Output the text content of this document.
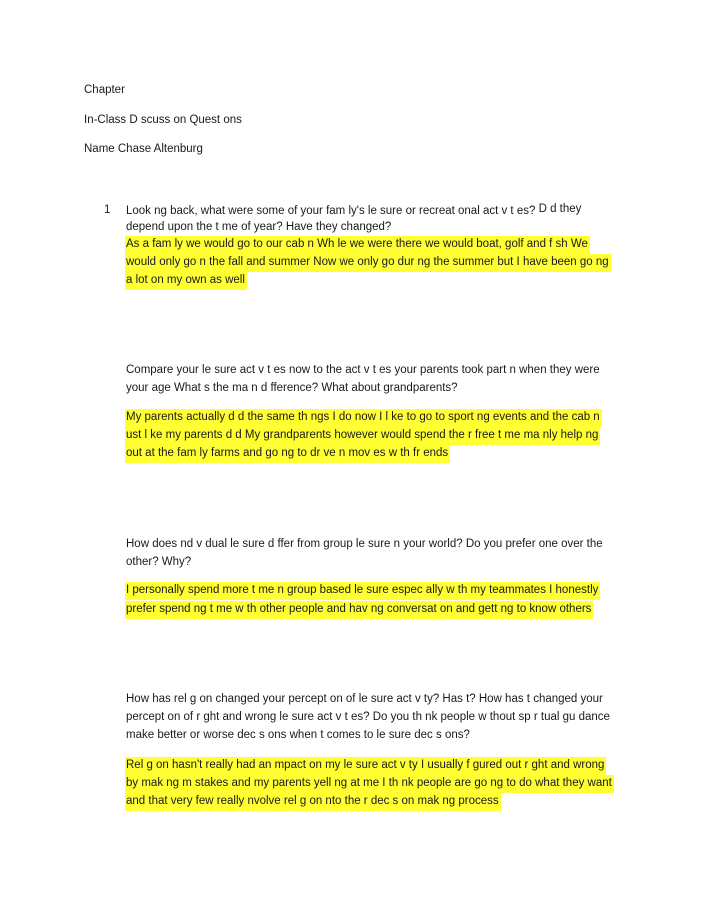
Chapter
In-Class D scuss on Quest ons
Name Chase Altenburg
1 Look ng back, what were some of your fam ly's le sure or recreat onal act v t es? D d they
depend upon the t me of year? Have they changed?
As a fam ly we would go to our cab n Wh le we were there we would boat, golf and f sh We
would only go n the fall and summer Now we only go dur ng the summer but I have been go ng
a lot on my own as well
Compare your le sure act v t es now to the act v t es your parents took part n when they were
your age What s the ma n d fference? What about grandparents?
My parents actually d d the same th ngs I do now I l ke to go to sport ng events and the cab n
ust l ke my parents d d My grandparents however would spend the r free t me ma nly help ng
out at the fam ly farms and go ng to dr ve n mov es w th fr ends
How does nd v dual le sure d ffer from group le sure n your world? Do you prefer one over the
other? Why?
I personally spend more t me n group based le sure espec ally w th my teammates I honestly
prefer spend ng t me w th other people and hav ng conversat on and gett ng to know others
How has rel g on changed your percept on of le sure act v ty? Has t? How has t changed your
percept on of r ght and wrong le sure act v t es? Do you th nk people w thout sp r tual gu dance
make better or worse dec s ons when t comes to le sure dec s ons?
Rel g on hasn't really had an mpact on my le sure act v ty I usually f gured out r ght and wrong
by mak ng m stakes and my parents yell ng at me I th nk people are go ng to do what they want
and that very few really nvolve rel g on nto the r dec s on mak ng process
